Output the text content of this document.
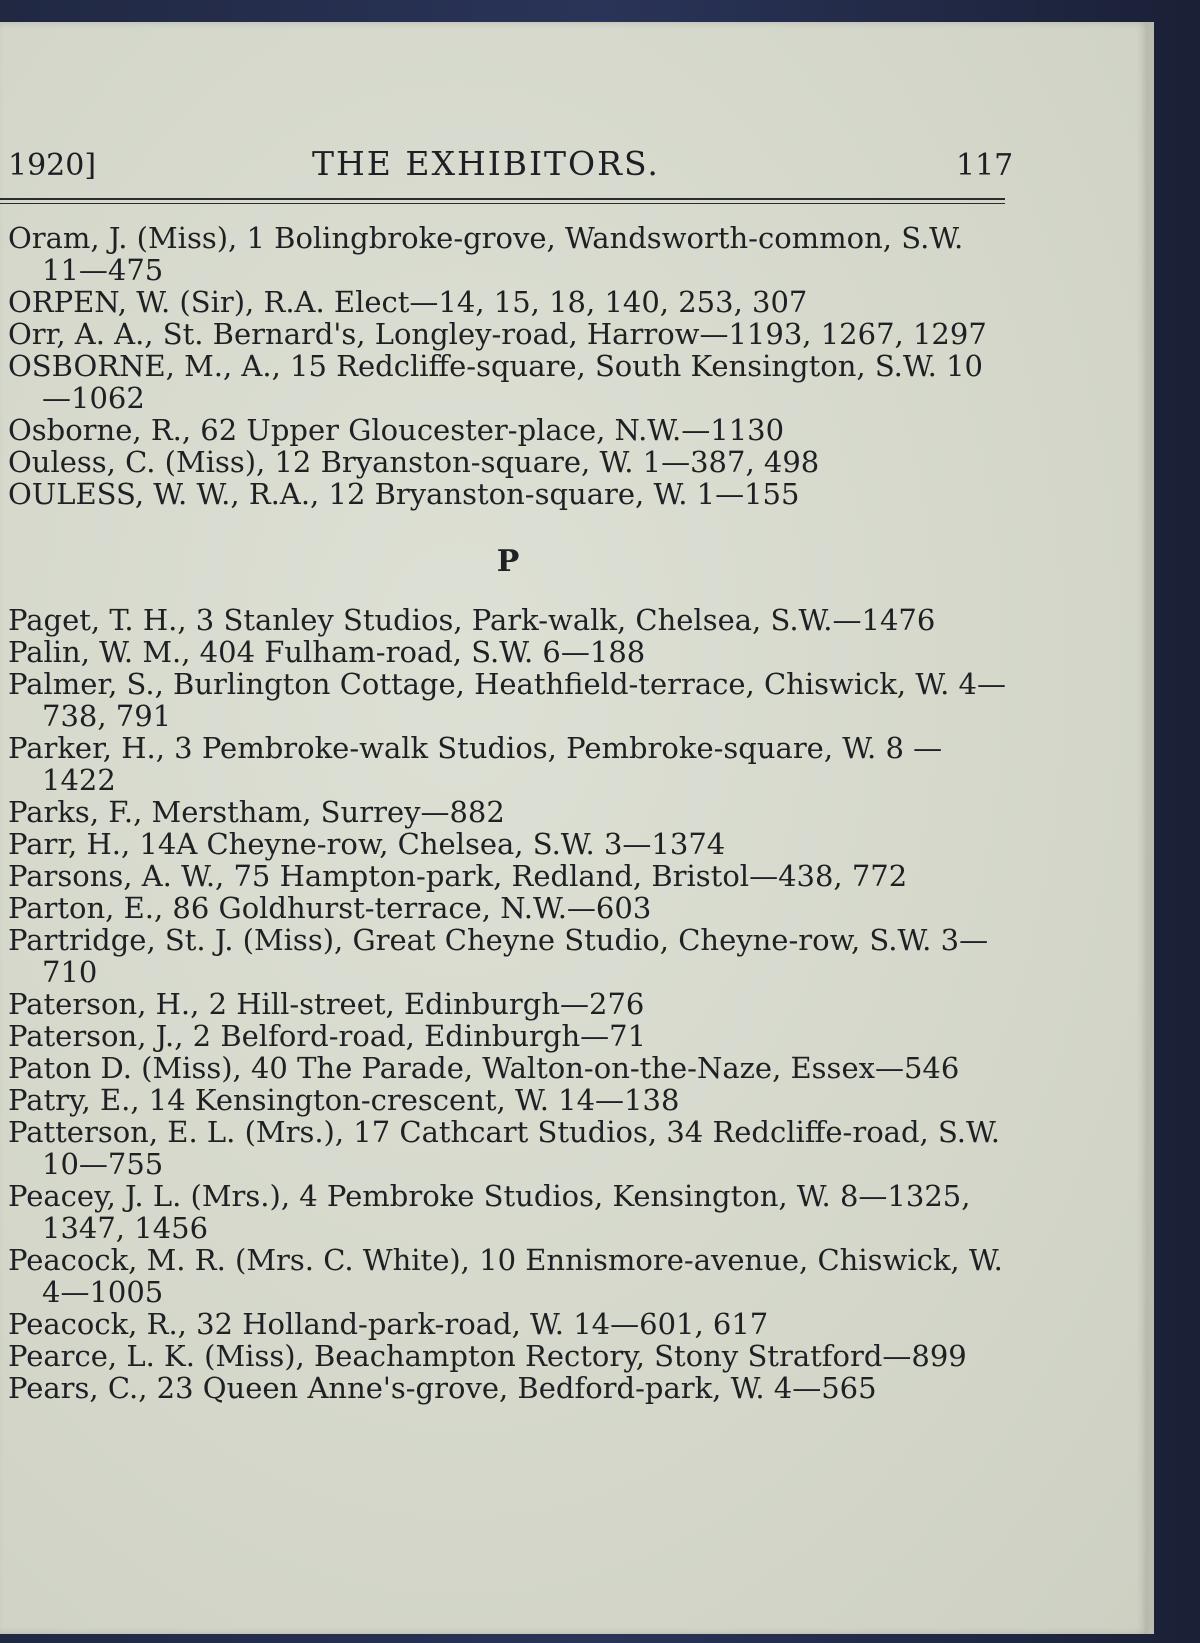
1920]	THE EXHIBITORS.	117

Oram, J. (Miss), 1 Bolingbroke-grove, Wandsworth-common, S.W. 11—475

ORPEN, W. (Sir), R.A. Elect—14, 15, 18, 140, 253, 307

Orr, A. A., St. Bernard's, Longley-road, Harrow—1193, 1267, 1297

OSBORNE, M., A., 15 Redcliffe-square, South Kensington, S.W. 10—1062

Osborne, R., 62 Upper Gloucester-place, N.W.—1130

Ouless, C. (Miss), 12 Bryanston-square, W. 1—387, 498

OULESS, W. W., R.A., 12 Bryanston-square, W. 1—155

P

Paget, T. H., 3 Stanley Studios, Park-walk, Chelsea, S.W.—1476

Palin, W. M., 404 Fulham-road, S.W. 6—188

Palmer, S., Burlington Cottage, Heathfield-terrace, Chiswick, W. 4—738, 791

Parker, H., 3 Pembroke-walk Studios, Pembroke-square, W. 8 —1422

Parks, F., Merstham, Surrey—882

Parr, H., 14A Cheyne-row, Chelsea, S.W. 3—1374

Parsons, A. W., 75 Hampton-park, Redland, Bristol—438, 772

Parton, E., 86 Goldhurst-terrace, N.W.—603

Partridge, St. J. (Miss), Great Cheyne Studio, Cheyne-row, S.W. 3—710

Paterson, H., 2 Hill-street, Edinburgh—276

Paterson, J., 2 Belford-road, Edinburgh—71

Paton D. (Miss), 40 The Parade, Walton-on-the-Naze, Essex—546

Patry, E., 14 Kensington-crescent, W. 14—138

Patterson, E. L. (Mrs.), 17 Cathcart Studios, 34 Redcliffe-road, S.W. 10—755

Peacey, J. L. (Mrs.), 4 Pembroke Studios, Kensington, W. 8—1325, 1347, 1456

Peacock, M. R. (Mrs. C. White), 10 Ennismore-avenue, Chiswick, W. 4—1005

Peacock, R., 32 Holland-park-road, W. 14—601, 617

Pearce, L. K. (Miss), Beachampton Rectory, Stony Stratford—899

Pears, C., 23 Queen Anne's-grove, Bedford-park, W. 4—565
